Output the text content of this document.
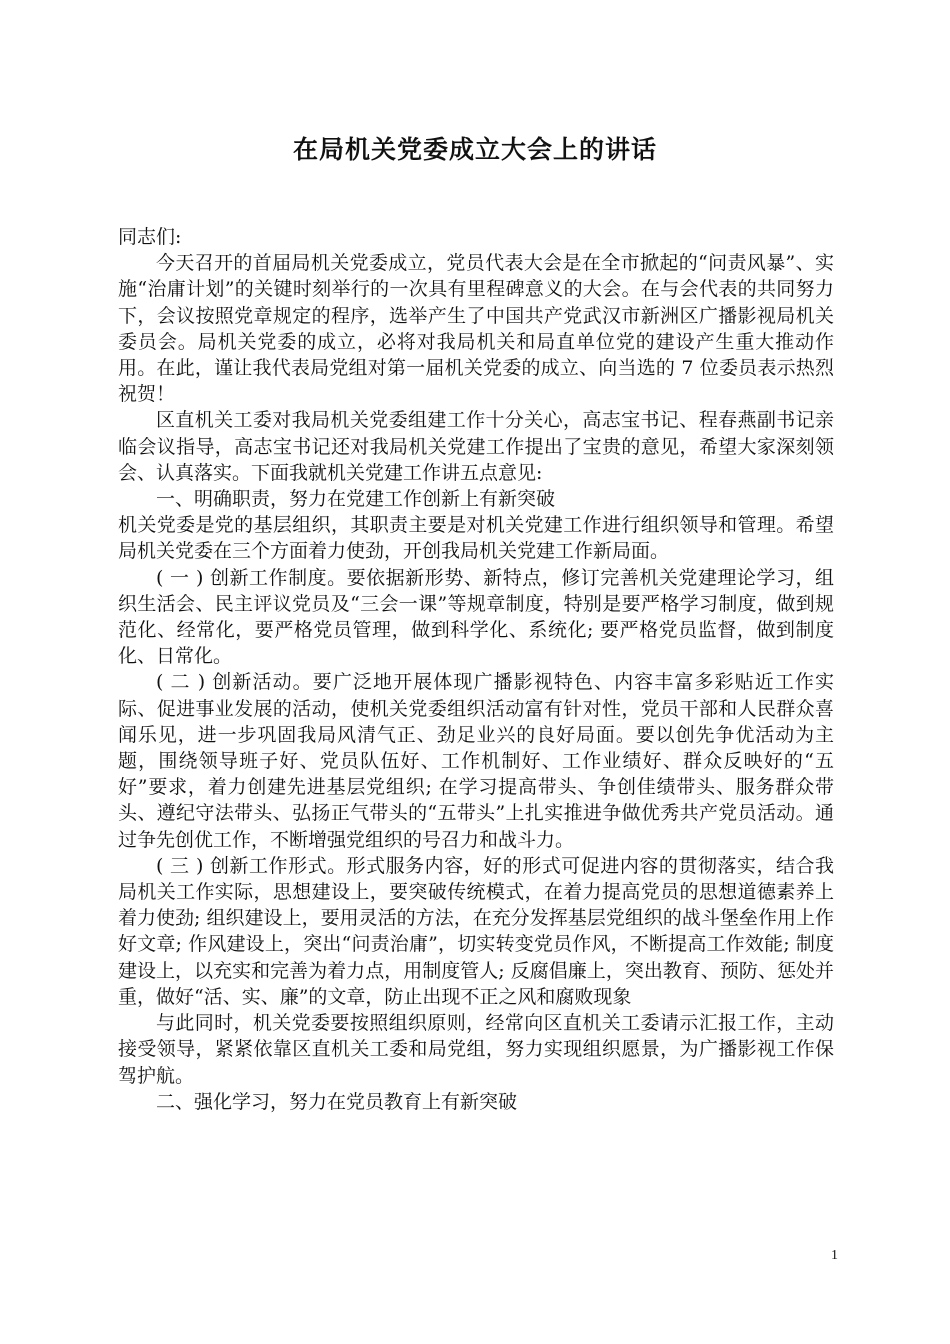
在局机关党委成立大会上的讲话

同志们:

今天召开的首届局机关党委成立，党员代表大会是在全市掀起的“问责风暴”、实施“治庸计划”的关键时刻举行的一次具有里程碑意义的大会。在与会代表的共同努力下，会议按照党章规定的程序，选举产生了中国共产党武汉市新洲区广播影视局机关委员会。局机关党委的成立，必将对我局机关和局直单位党的建设产生重大推动作用。在此，谨让我代表局党组对第一届机关党委的成立、向当选的 7 位委员表示热烈祝贺！

区直机关工委对我局机关党委组建工作十分关心，高志宝书记、程春燕副书记亲临会议指导，高志宝书记还对我局机关党建工作提出了宝贵的意见，希望大家深刻领会、认真落实。下面我就机关党建工作讲五点意见:

一、明确职责，努力在党建工作创新上有新突破

机关党委是党的基层组织，其职责主要是对机关党建工作进行组织领导和管理。希望局机关党委在三个方面着力使劲，开创我局机关党建工作新局面。

( 一 ) 创新工作制度。要依据新形势、新特点，修订完善机关党建理论学习，组织生活会、民主评议党员及“三会一课”等规章制度，特别是要严格学习制度，做到规范化、经常化，要严格党员管理，做到科学化、系统化; 要严格党员监督，做到制度化、日常化。

( 二 ) 创新活动。要广泛地开展体现广播影视特色、内容丰富多彩贴近工作实际、促进事业发展的活动，使机关党委组织活动富有针对性，党员干部和人民群众喜闻乐见，进一步巩固我局风清气正、劲足业兴的良好局面。要以创先争优活动为主题，围绕领导班子好、党员队伍好、工作机制好、工作业绩好、群众反映好的“五好”要求，着力创建先进基层党组织; 在学习提高带头、争创佳绩带头、服务群众带头、遵纪守法带头、弘扬正气带头的“五带头”上扎实推进争做优秀共产党员活动。通过争先创优工作，不断增强党组织的号召力和战斗力。

( 三 ) 创新工作形式。形式服务内容，好的形式可促进内容的贯彻落实，结合我局机关工作实际，思想建设上，要突破传统模式，在着力提高党员的思想道德素养上着力使劲; 组织建设上，要用灵活的方法，在充分发挥基层党组织的战斗堡垒作用上作好文章; 作风建设上，突出“问责治庸”，切实转变党员作风，不断提高工作效能; 制度建设上，以充实和完善为着力点，用制度管人; 反腐倡廉上，突出教育、预防、惩处并重，做好“活、实、廉”的文章，防止出现不正之风和腐败现象

与此同时，机关党委要按照组织原则，经常向区直机关工委请示汇报工作，主动接受领导，紧紧依靠区直机关工委和局党组，努力实现组织愿景，为广播影视工作保驾护航。

二、强化学习，努力在党员教育上有新突破

1
